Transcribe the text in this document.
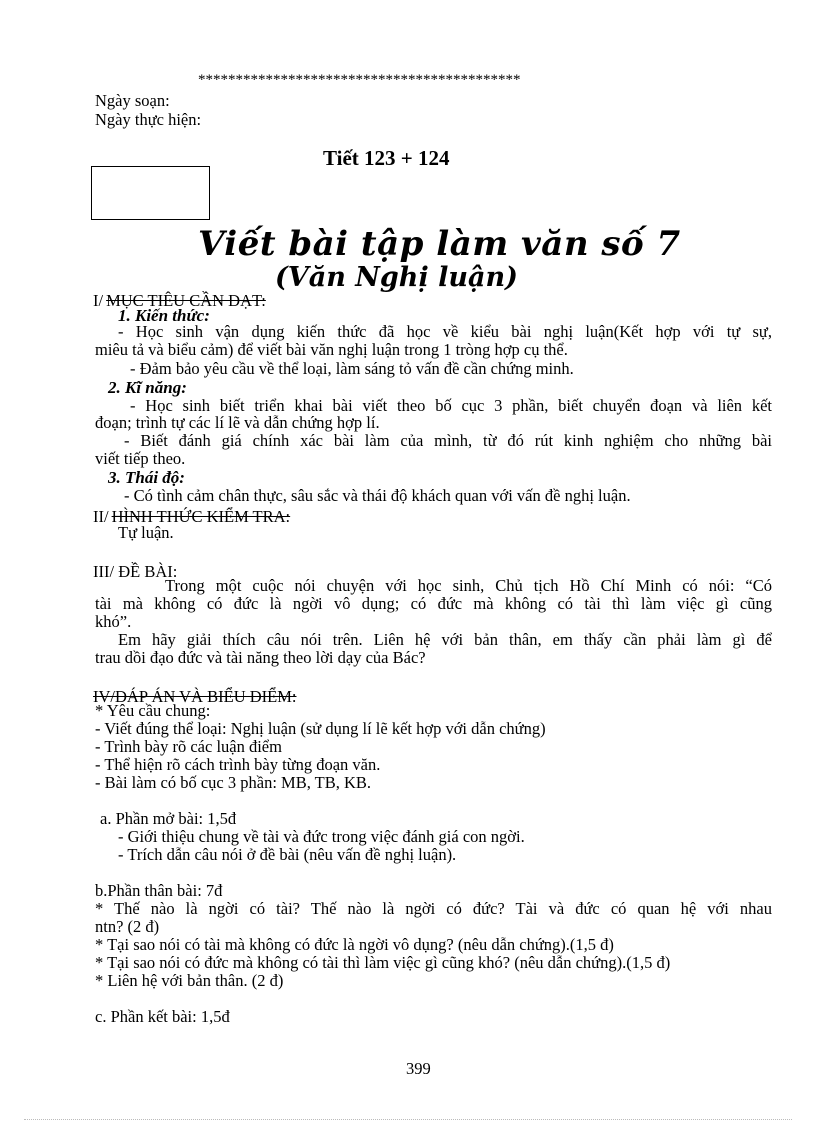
*******************************************
Ngày soạn:
Ngày thực hiện:
Tiết 123 + 124
Viết bài tập làm văn số 7
(Văn Nghị luận)
I/ MỤC TIÊU CẦN ĐẠT:
1. Kiến thức:
- Học sinh vận dụng kiến thức đã học về kiểu bài nghị luận(Kết hợp với tự sự,
miêu tả và biểu cảm) để viết bài văn nghị luận trong 1 tròng hợp cụ thể.
- Đảm bảo yêu cầu về thể loại, làm sáng tỏ vấn đề cần chứng minh.
2. Kĩ năng:
- Học sinh biết triển khai bài viết theo bố cục 3 phần, biết chuyển đoạn và liên kết
đoạn; trình tự các lí lẽ và dẫn chứng hợp lí.
- Biết đánh giá chính xác bài làm của mình, từ đó rút kinh nghiệm cho những bài
viết tiếp theo.
3. Thái độ:
- Có tình cảm chân thực, sâu sắc và thái độ khách quan với vấn đề nghị luận.
II/ HÌNH THỨC KIỂM TRA:
Tự luận.
III/ ĐỀ BÀI:
Trong một cuộc nói chuyện với học sinh, Chủ tịch Hồ Chí Minh có nói: “Có
tài mà không có đức là ngời vô dụng; có đức mà không có tài thì làm việc gì cũng
khó”.
Em hãy giải thích câu nói trên. Liên hệ với bản thân, em thấy cần phải làm gì để
trau dồi đạo đức và tài năng theo lời dạy của Bác?
IV/ĐÁP ÁN VÀ BIỂU ĐIỂM:
* Yêu cầu chung:
- Viết đúng thể loại: Nghị luận (sử dụng lí lẽ kết hợp với dẫn chứng)
- Trình bày rõ các luận điểm
- Thể hiện rõ cách trình bày từng đoạn văn.
- Bài làm có bố cục 3 phần: MB, TB, KB.
a. Phần mở bài: 1,5đ
- Giới thiệu chung về tài và đức trong việc đánh giá con ngời.
- Trích dẫn câu nói ở đề bài (nêu vấn đề nghị luận).
b.Phần thân bài: 7đ
* Thế nào là ngời có tài? Thế nào là ngời có đức? Tài và đức có quan hệ với nhau
ntn? (2 đ)
* Tại sao nói có tài mà không có đức là ngời vô dụng? (nêu dẫn chứng).(1,5 đ)
* Tại sao nói có đức mà không có tài thì làm việc gì cũng khó? (nêu dẫn chứng).(1,5 đ)
* Liên hệ với bản thân. (2 đ)
c. Phần kết bài: 1,5đ
399
